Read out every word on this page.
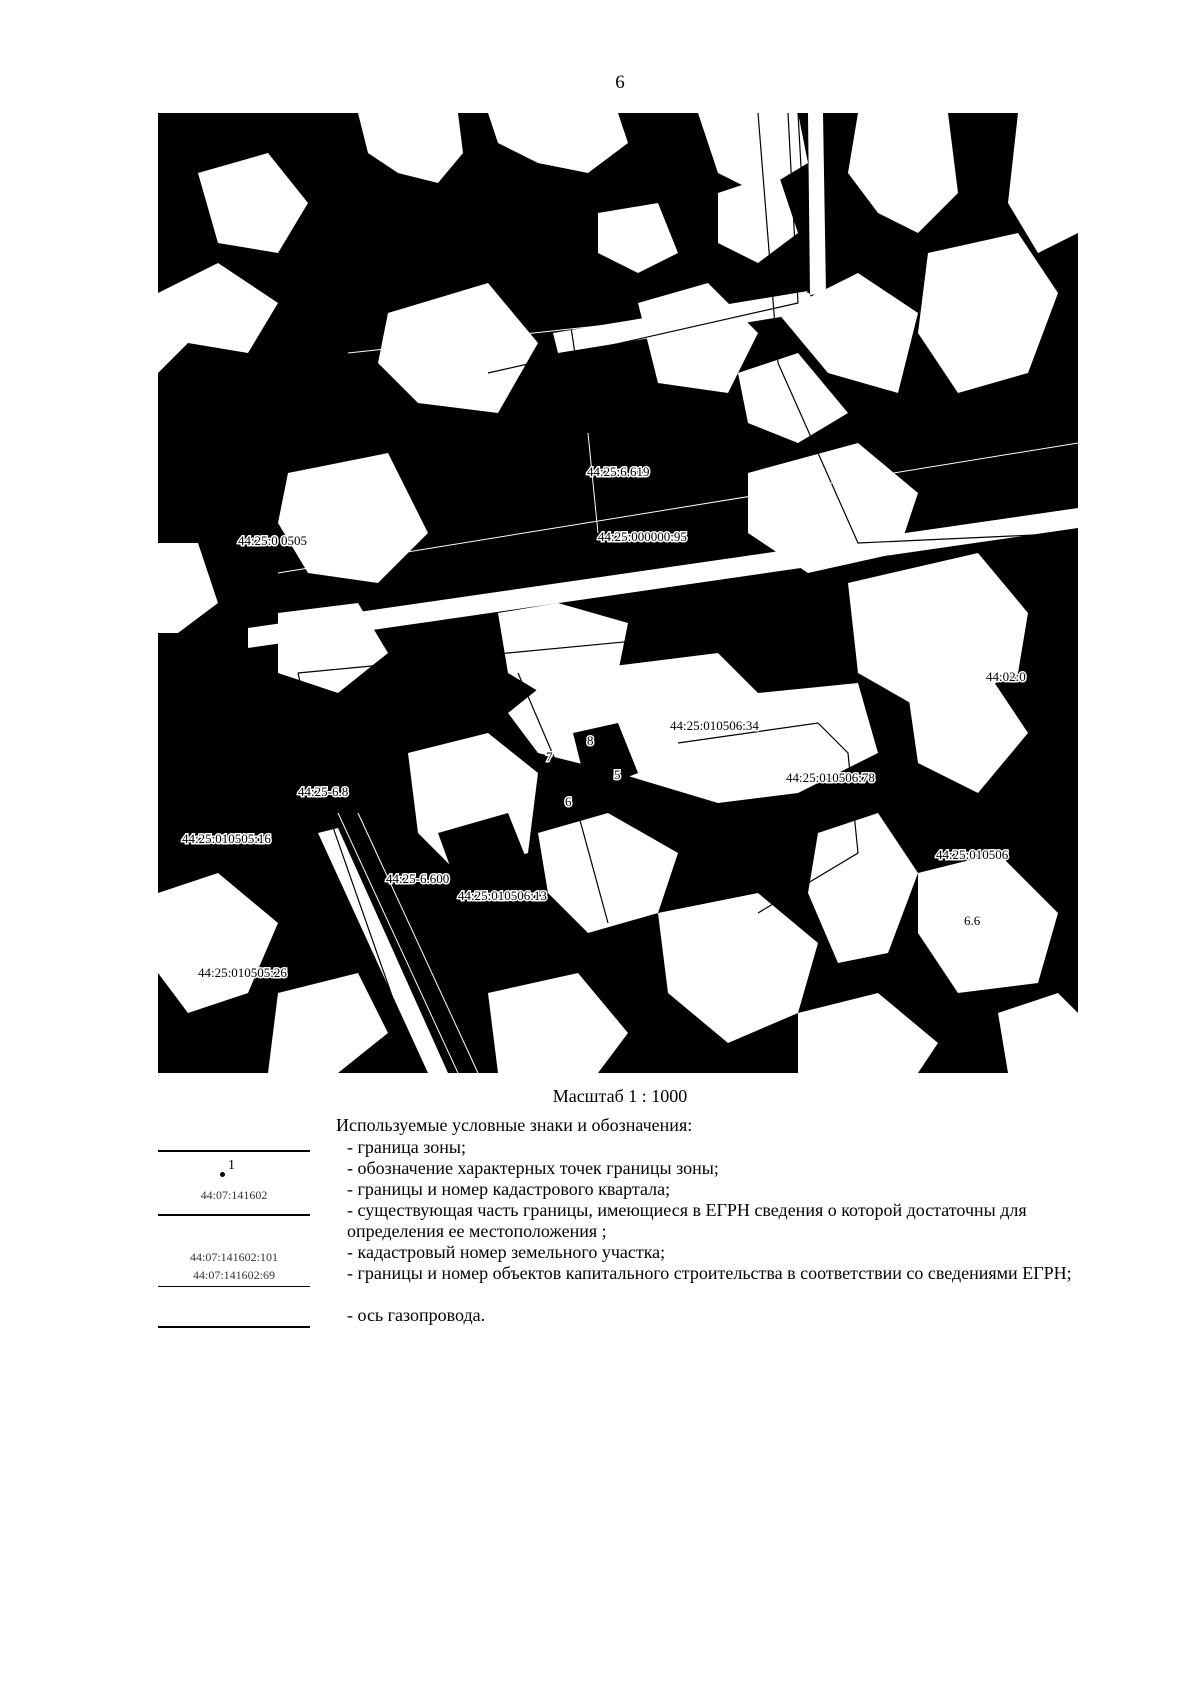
6
44:25:6.619
44:25:000000:95
44:25:0 0505
44:25:010506:34
44:25:010506:78
44:25:010505:16
44:25-6.8
44:25-6.600
44:25:010506:13
44:25:010505:26
44:25:010506
44:02:0
6.6
5
6
7
8
Масштаб 1 : 1000
Используемые условные знаки и обозначения:
1
44:07:141602
44:07:141602:101
44:07:141602:69
- граница зоны;
- обозначение характерных точек границы зоны;
- границы и номер кадастрового квартала;
- существующая часть границы, имеющиеся в ЕГРН сведения о которой достаточны для определения ее местоположения ;
- кадастровый номер земельного участка;
- границы и номер объектов капитального строительства в соответствии со сведениями ЕГРН;
- ось газопровода.
